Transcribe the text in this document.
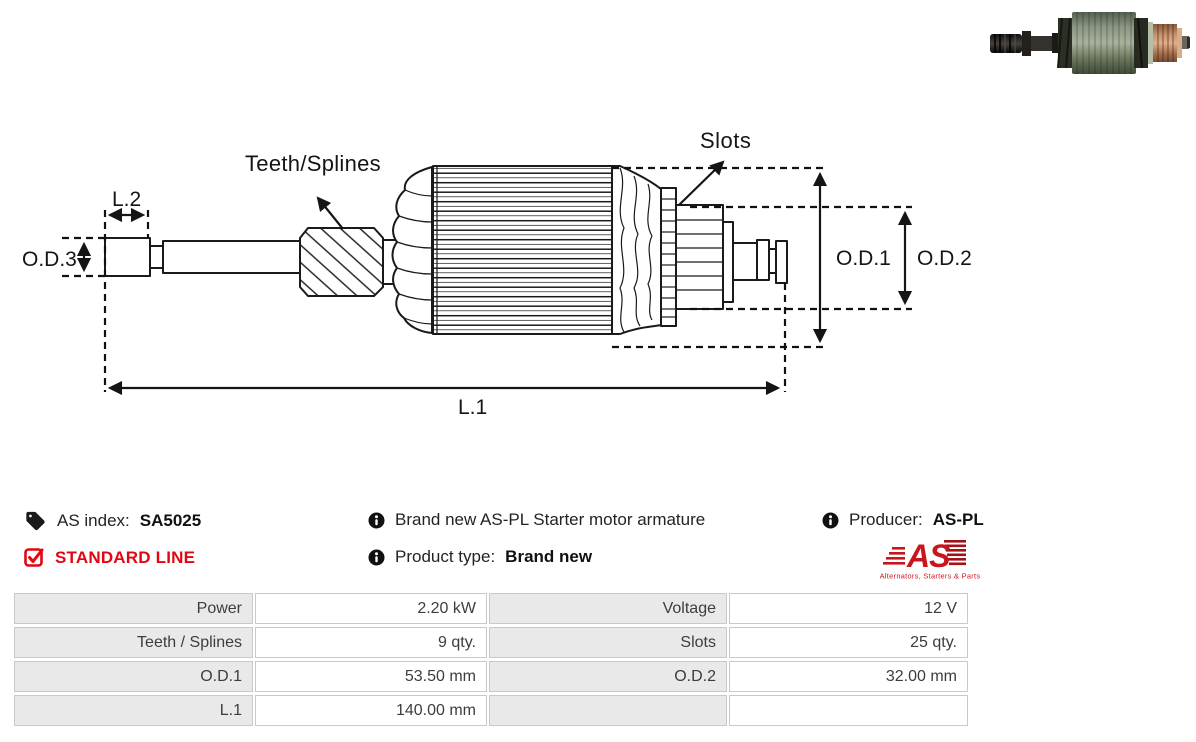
Slots
Teeth/Splines
L.2
O.D.3	O.D.1 O.D.2
L.1
AS index: SA5025
STANDARD LINE
Brand new AS-PL Starter motor armature
Product type: Brand new
Producer: AS-PL
AS
Alternators, Starters & Parts
Power	2.20 kW	Voltage	12 V
Teeth / Splines	9 qty.	Slots	25 qty.
O.D.1	53.50 mm	O.D.2	32.00 mm
L.1	140.00 mm
